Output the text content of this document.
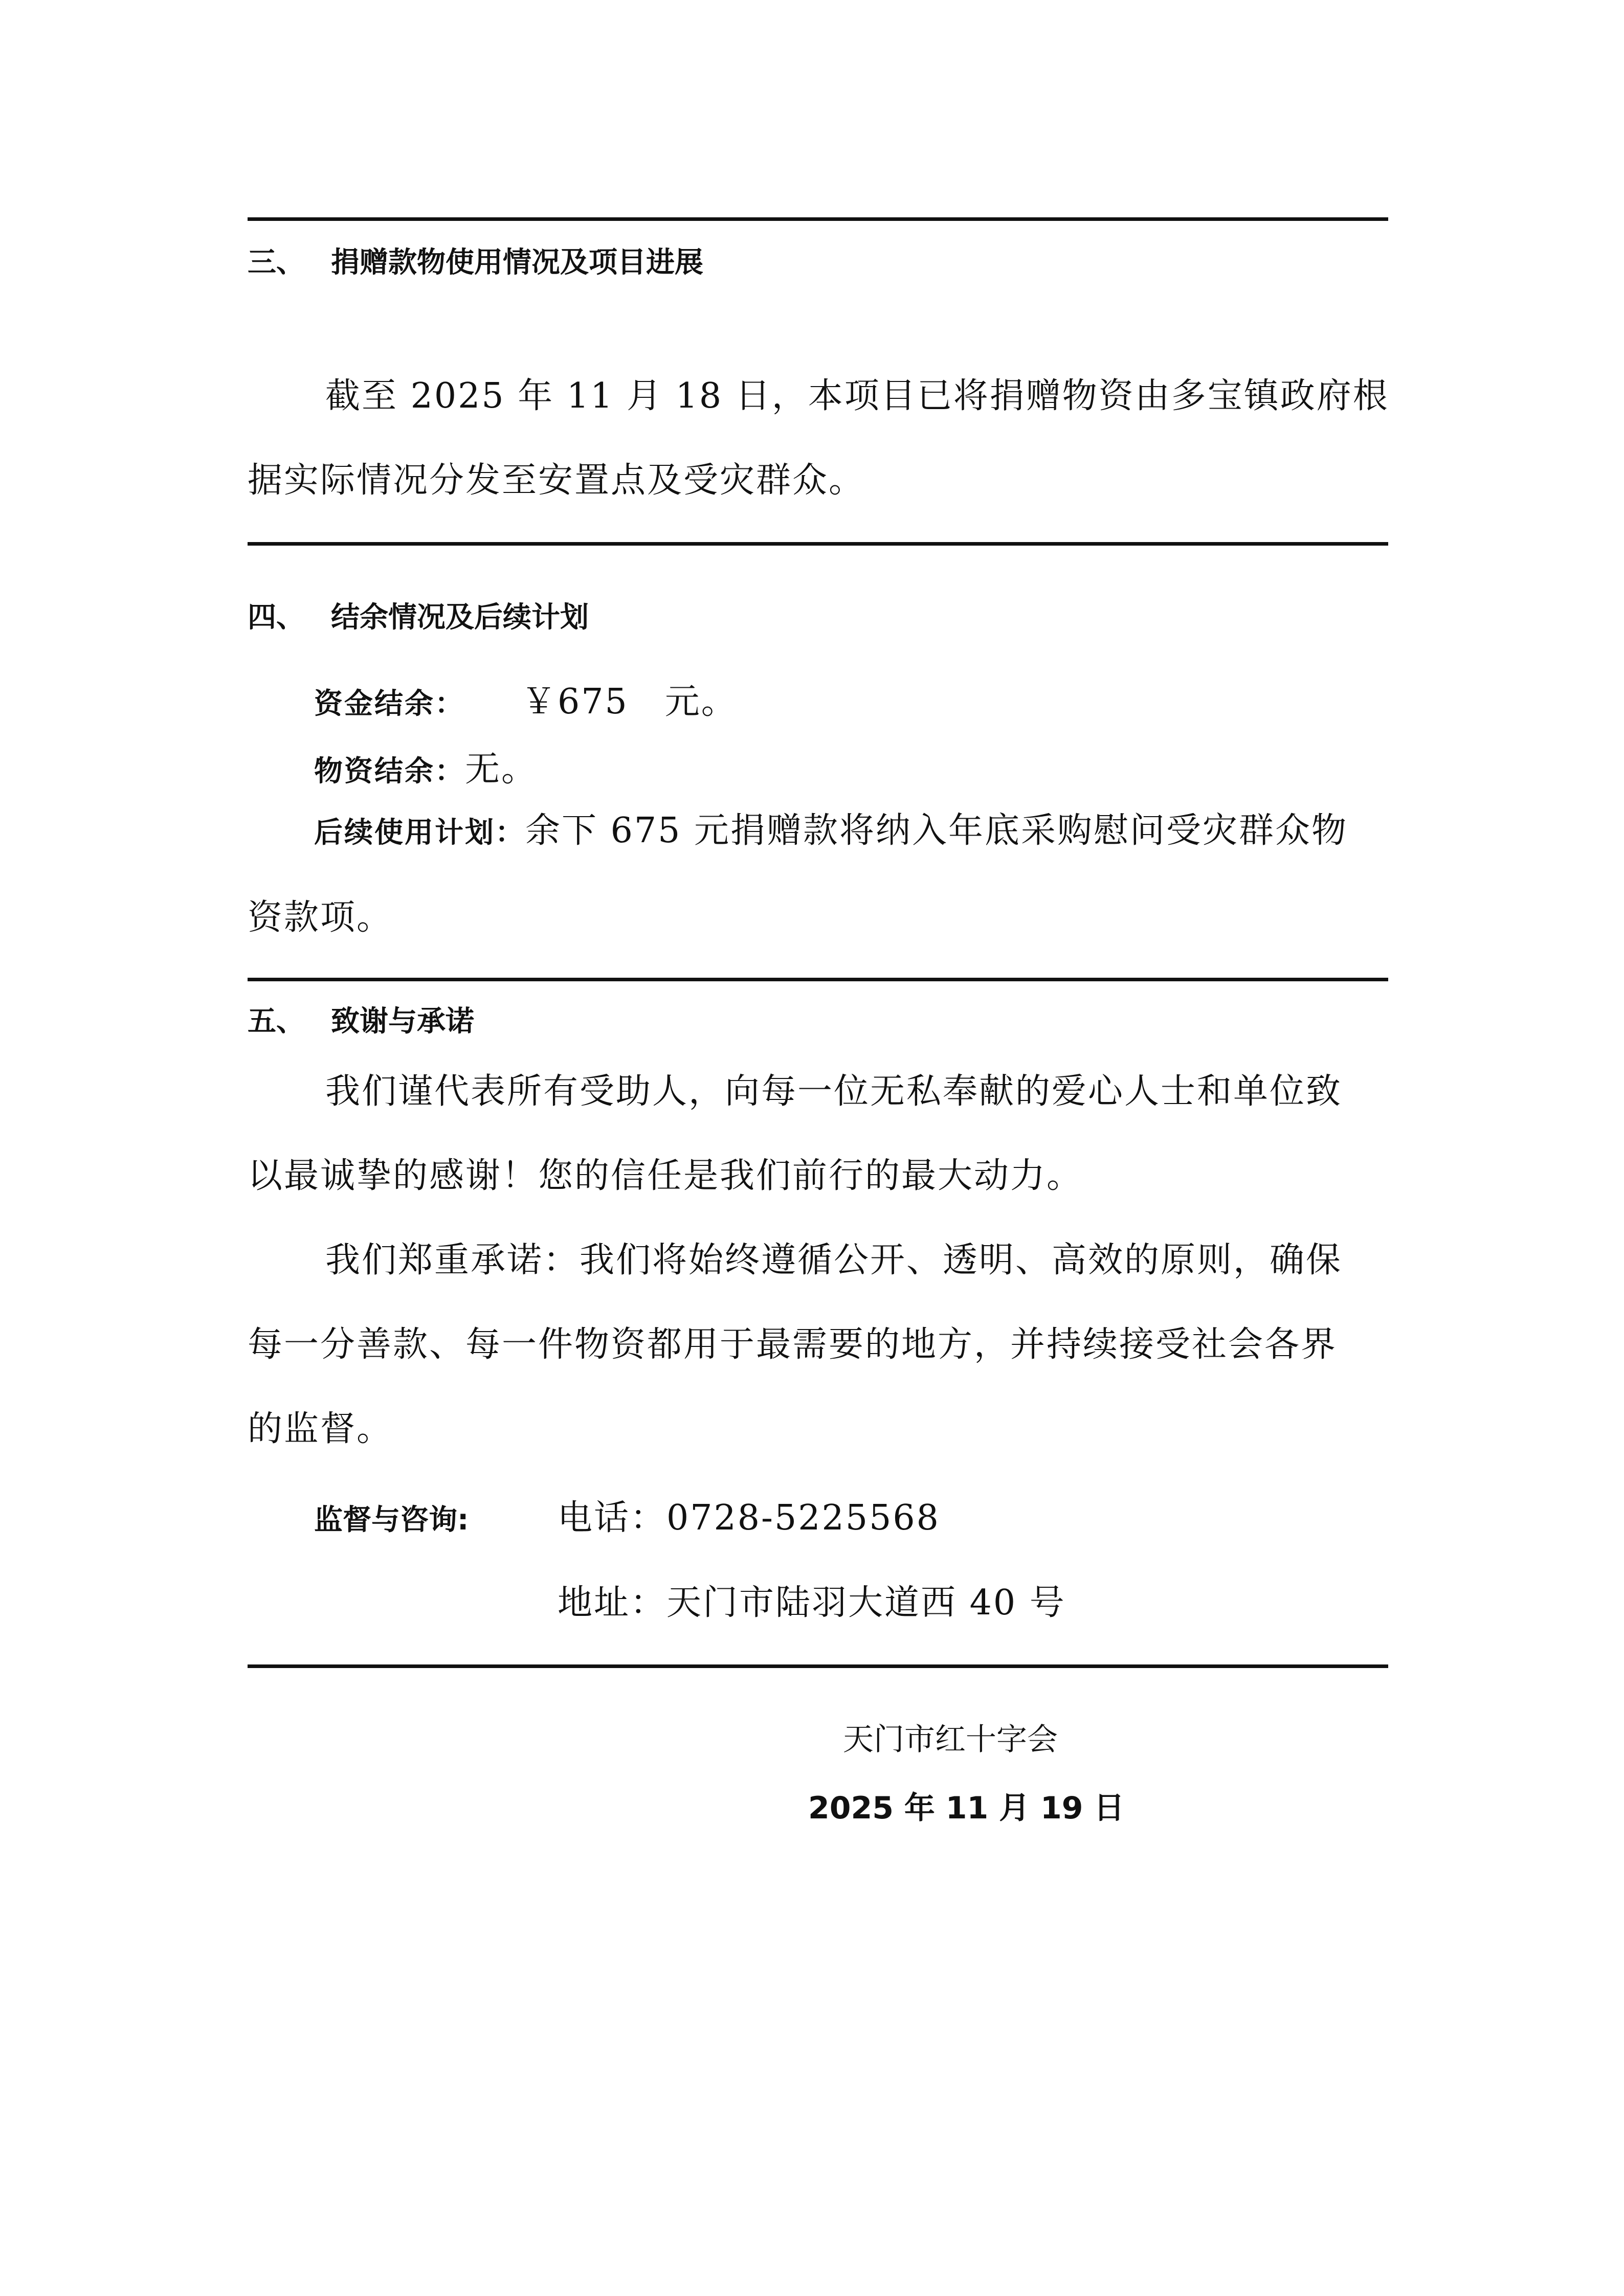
三、 捐赠款物使用情况及项目进展
截至 2025 年 11 月 18 日，本项目已将捐赠物资由多宝镇政府根
据实际情况分发至安置点及受灾群众。
四、 结余情况及后续计划
资金结余： ￥675　元。
物资结余：无。
后续使用计划：余下 675 元捐赠款将纳入年底采购慰问受灾群众物
资款项。
五、 致谢与承诺
我们谨代表所有受助人，向每一位无私奉献的爱心人士和单位致
以最诚挚的感谢！您的信任是我们前行的最大动力。
我们郑重承诺：我们将始终遵循公开、透明、高效的原则，确保
每一分善款、每一件物资都用于最需要的地方，并持续接受社会各界
的监督。
监督与咨询:	电话：0728-5225568
地址：天门市陆羽大道西 40 号
天门市红十字会
2025 年 11 月 19 日
